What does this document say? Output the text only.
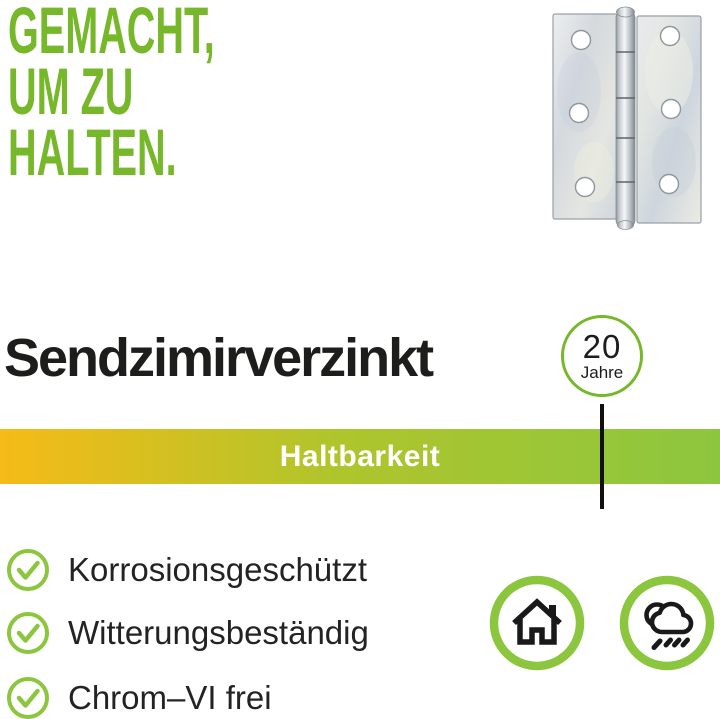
GEMACHT,
UM ZU
HALTEN.
Sendzimirverzinkt	20
Jahre
Haltbarkeit
Korrosionsgeschützt
Witterungsbeständig
Chrom–VI frei
